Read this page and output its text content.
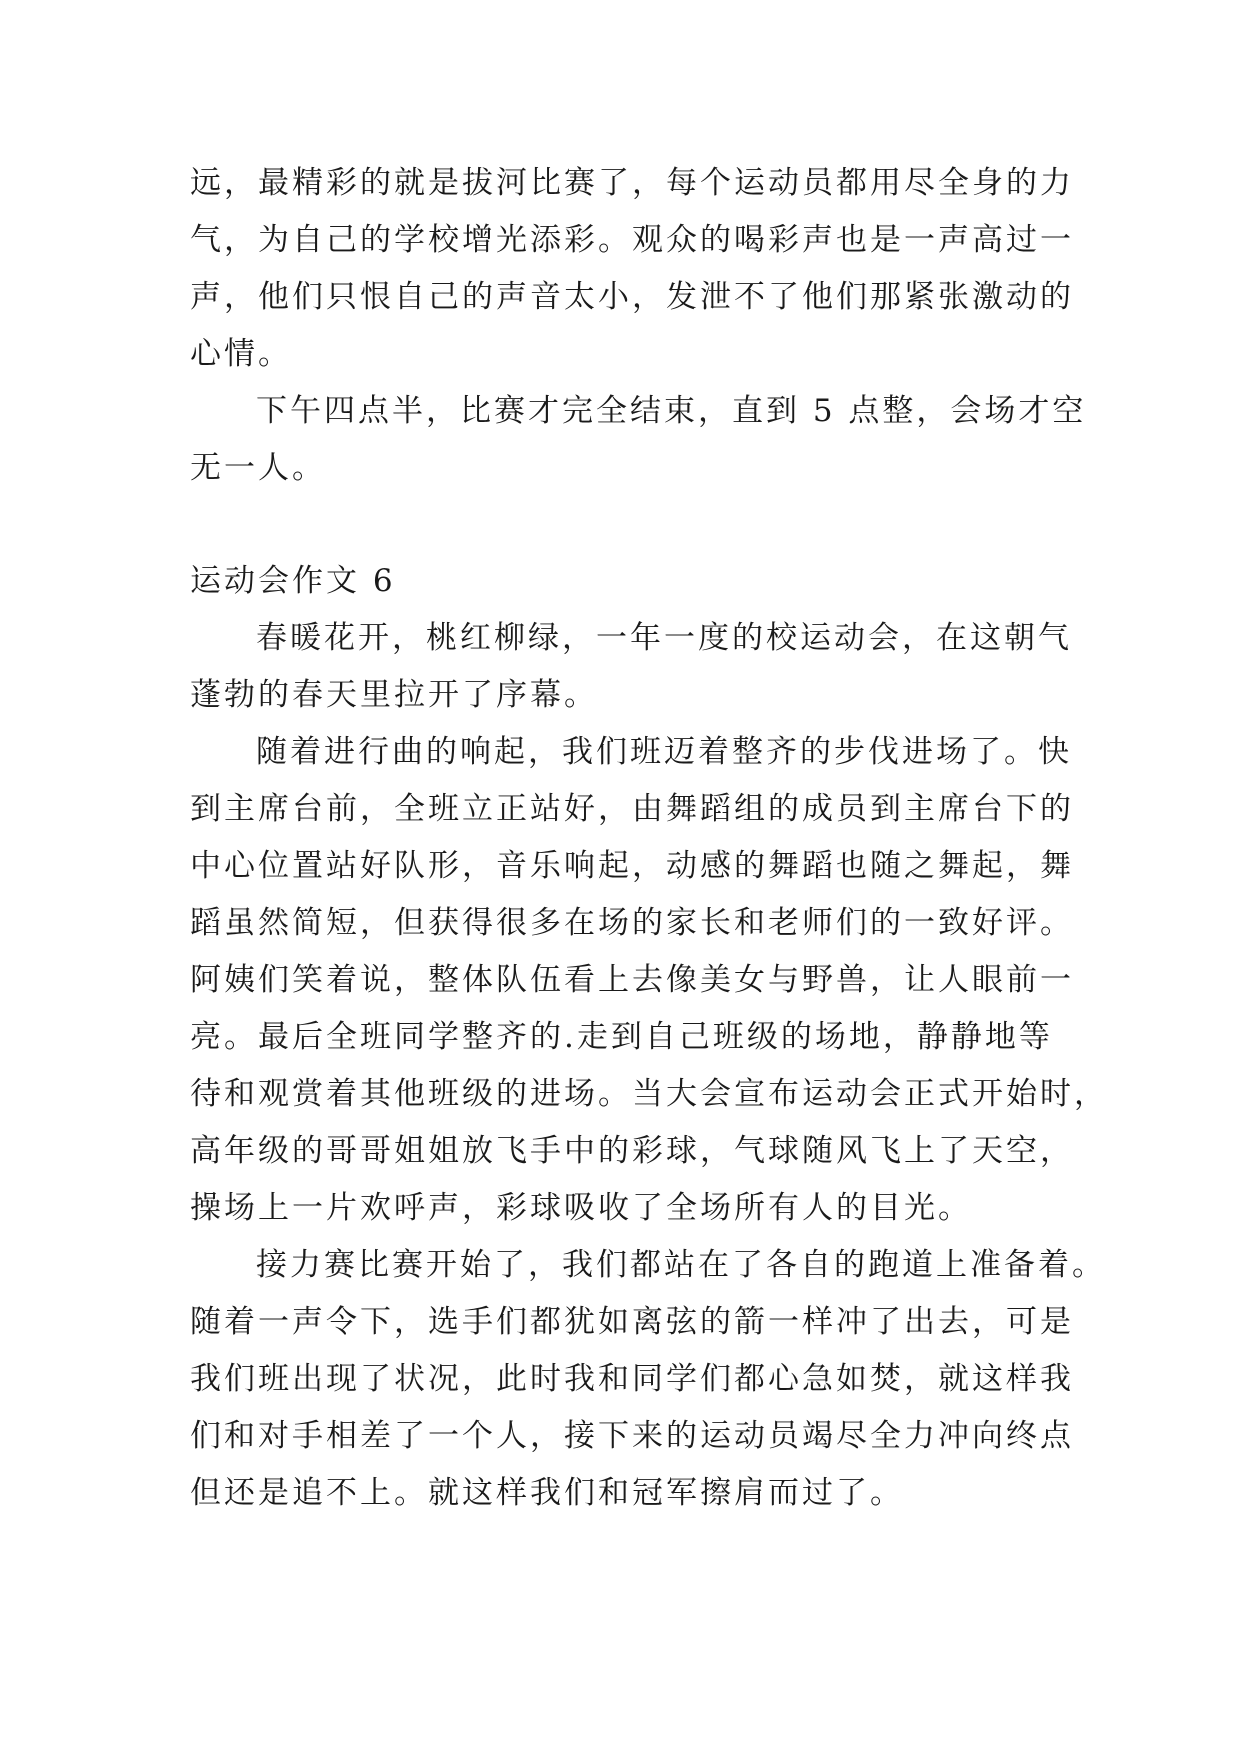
远，最精彩的就是拔河比赛了，每个运动员都用尽全身的力
气，为自己的学校增光添彩。观众的喝彩声也是一声高过一
声，他们只恨自己的声音太小，发泄不了他们那紧张激动的
心情。
下午四点半，比赛才完全结束，直到 5 点整，会场才空
无一人。
运动会作文 6
春暖花开，桃红柳绿，一年一度的校运动会，在这朝气
蓬勃的春天里拉开了序幕。
随着进行曲的响起，我们班迈着整齐的步伐进场了。快
到主席台前，全班立正站好，由舞蹈组的成员到主席台下的
中心位置站好队形，音乐响起，动感的舞蹈也随之舞起，舞
蹈虽然简短，但获得很多在场的家长和老师们的一致好评。
阿姨们笑着说，整体队伍看上去像美女与野兽，让人眼前一
亮。最后全班同学整齐的.走到自己班级的场地，静静地等
待和观赏着其他班级的进场。当大会宣布运动会正式开始时，
高年级的哥哥姐姐放飞手中的彩球，气球随风飞上了天空，
操场上一片欢呼声，彩球吸收了全场所有人的目光。
接力赛比赛开始了，我们都站在了各自的跑道上准备着。
随着一声令下，选手们都犹如离弦的箭一样冲了出去，可是
我们班出现了状况，此时我和同学们都心急如焚，就这样我
们和对手相差了一个人，接下来的运动员竭尽全力冲向终点
但还是追不上。就这样我们和冠军擦肩而过了。
